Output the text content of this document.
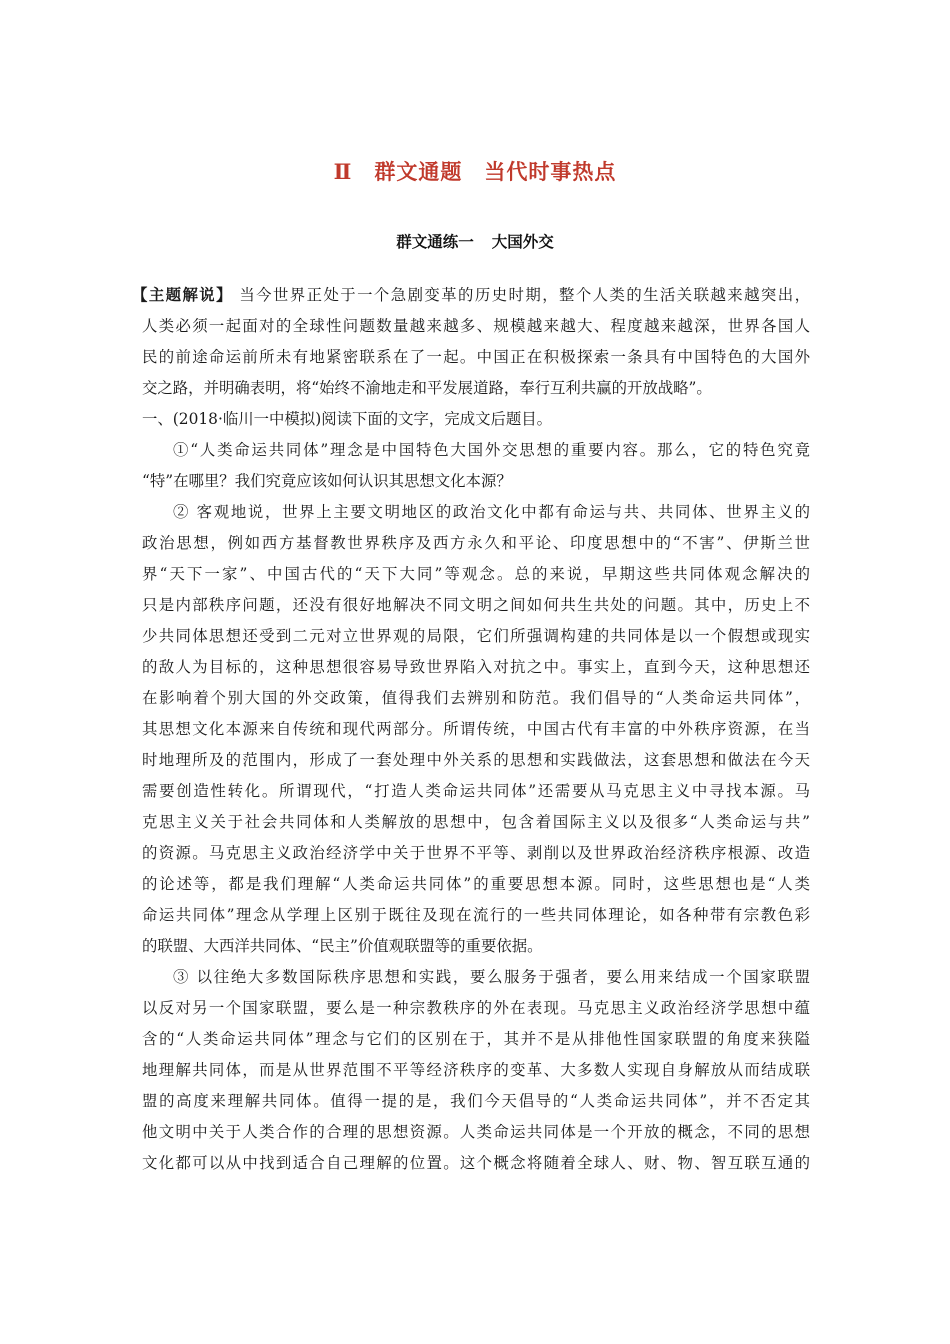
Ⅱ 群文通题 当代时事热点
群文通练一 大国外交
【主题解说】 当今世界正处于一个急剧变革的历史时期，整个人类的生活关联越来越突出，
人类必须一起面对的全球性问题数量越来越多、规模越来越大、程度越来越深，世界各国人
民的前途命运前所未有地紧密联系在了一起。中国正在积极探索一条具有中国特色的大国外
交之路，并明确表明，将“始终不渝地走和平发展道路，奉行互利共赢的开放战略”。
一、(2018·临川一中模拟)阅读下面的文字，完成文后题目。
①“人类命运共同体”理念是中国特色大国外交思想的重要内容。那么，它的特色究竟
“特”在哪里？我们究竟应该如何认识其思想文化本源？
② 客观地说，世界上主要文明地区的政治文化中都有命运与共、共同体、世界主义的
政治思想，例如西方基督教世界秩序及西方永久和平论、印度思想中的“不害”、伊斯兰世
界“天下一家”、中国古代的“天下大同”等观念。总的来说，早期这些共同体观念解决的
只是内部秩序问题，还没有很好地解决不同文明之间如何共生共处的问题。其中，历史上不
少共同体思想还受到二元对立世界观的局限，它们所强调构建的共同体是以一个假想或现实
的敌人为目标的，这种思想很容易导致世界陷入对抗之中。事实上，直到今天，这种思想还
在影响着个别大国的外交政策，值得我们去辨别和防范。我们倡导的“人类命运共同体”，
其思想文化本源来自传统和现代两部分。所谓传统，中国古代有丰富的中外秩序资源，在当
时地理所及的范围内，形成了一套处理中外关系的思想和实践做法，这套思想和做法在今天
需要创造性转化。所谓现代，“打造人类命运共同体”还需要从马克思主义中寻找本源。马
克思主义关于社会共同体和人类解放的思想中，包含着国际主义以及很多“人类命运与共”
的资源。马克思主义政治经济学中关于世界不平等、剥削以及世界政治经济秩序根源、改造
的论述等，都是我们理解“人类命运共同体”的重要思想本源。同时，这些思想也是“人类
命运共同体”理念从学理上区别于既往及现在流行的一些共同体理论，如各种带有宗教色彩
的联盟、大西洋共同体、“民主”价值观联盟等的重要依据。
③ 以往绝大多数国际秩序思想和实践，要么服务于强者，要么用来结成一个国家联盟
以反对另一个国家联盟，要么是一种宗教秩序的外在表现。马克思主义政治经济学思想中蕴
含的“人类命运共同体”理念与它们的区别在于，其并不是从排他性国家联盟的角度来狭隘
地理解共同体，而是从世界范围不平等经济秩序的变革、大多数人实现自身解放从而结成联
盟的高度来理解共同体。值得一提的是，我们今天倡导的“人类命运共同体”，并不否定其
他文明中关于人类合作的合理的思想资源。人类命运共同体是一个开放的概念，不同的思想
文化都可以从中找到适合自己理解的位置。这个概念将随着全球人、财、物、智互联互通的
